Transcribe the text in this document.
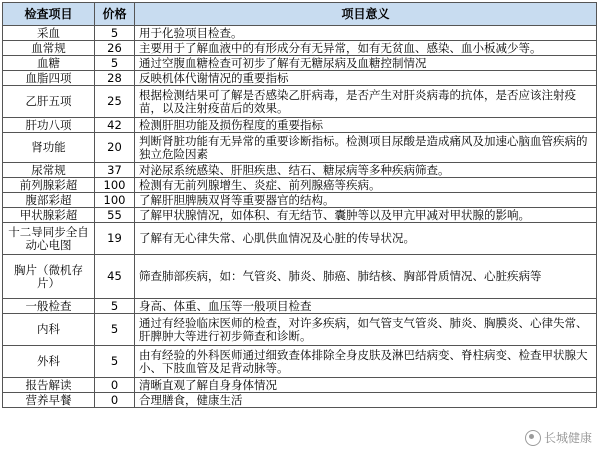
检查项目	价格	项目意义
采血	5	用于化验项目检查。
血常规	26	主要用于了解血液中的有形成分有无异常，如有无贫血、感染、血小板减少等。
血糖	5	通过空腹血糖检查可初步了解有无糖尿病及血糖控制情况
血脂四项	28	反映机体代谢情况的重要指标
乙肝五项	25	根据检测结果可了解是否感染乙肝病毒，是否产生对肝炎病毒的抗体，是否应该注射疫苗，以及注射疫苗后的效果。
肝功八项	42	检测肝胆功能及损伤程度的重要指标
肾功能	20	判断肾脏功能有无异常的重要诊断指标。检测项目尿酸是造成痛风及加速心脑血管疾病的独立危险因素
尿常规	37	对泌尿系统感染、肝胆疾患、结石、糖尿病等多种疾病筛查。
前列腺彩超	100	检测有无前列腺增生、炎症、前列腺癌等疾病。
腹部彩超	100	了解肝胆脾胰双肾等重要器官的结构。
甲状腺彩超	55	了解甲状腺情况，如体积、有无结节、囊肿等以及甲亢甲减对甲状腺的影响。
十二导同步全自动心电图	19	了解有无心律失常、心肌供血情况及心脏的传导状况。
胸片（微机存片）	45	筛查肺部疾病，如：气管炎、肺炎、肺癌、肺结核、胸部骨质情况、心脏疾病等
一般检查	5	身高、体重、血压等一般项目检查
内科	5	通过有经验临床医师的检查，对许多疾病，如气管支气管炎、肺炎、胸膜炎、心律失常、肝脾肿大等进行初步筛查和诊断。
外科	5	由有经验的外科医师通过细致查体排除全身皮肤及淋巴结病变、脊柱病变、检查甲状腺大小、下肢血管及足背动脉等。
报告解读	0	清晰直观了解自身身体情况
营养早餐	0	合理膳食，健康生活
长城健康
